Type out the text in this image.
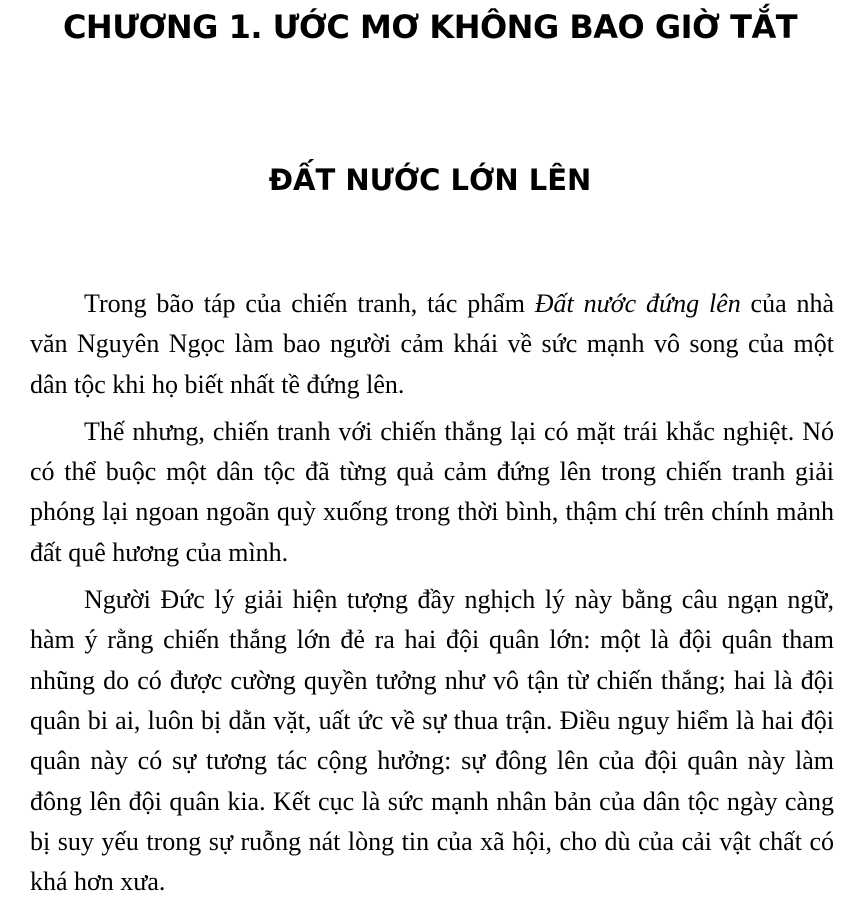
CHƯƠNG 1. ƯỚC MƠ KHÔNG BAO GIỜ TẮT
ĐẤT NƯỚC LỚN LÊN

Trong bão táp của chiến tranh, tác phẩm Đất nước đứng lên của nhà văn Nguyên Ngọc làm bao người cảm khái về sức mạnh vô song của một dân tộc khi họ biết nhất tề đứng lên.

Thế nhưng, chiến tranh với chiến thắng lại có mặt trái khắc nghiệt. Nó có thể buộc một dân tộc đã từng quả cảm đứng lên trong chiến tranh giải phóng lại ngoan ngoãn quỳ xuống trong thời bình, thậm chí trên chính mảnh đất quê hương của mình.

Người Đức lý giải hiện tượng đầy nghịch lý này bằng câu ngạn ngữ, hàm ý rằng chiến thắng lớn đẻ ra hai đội quân lớn: một là đội quân tham nhũng do có được cường quyền tưởng như vô tận từ chiến thắng; hai là đội quân bi ai, luôn bị dằn vặt, uất ức về sự thua trận. Điều nguy hiểm là hai đội quân này có sự tương tác cộng hưởng: sự đông lên của đội quân này làm đông lên đội quân kia. Kết cục là sức mạnh nhân bản của dân tộc ngày càng bị suy yếu trong sự ruỗng nát lòng tin của xã hội, cho dù của cải vật chất có khá hơn xưa.
